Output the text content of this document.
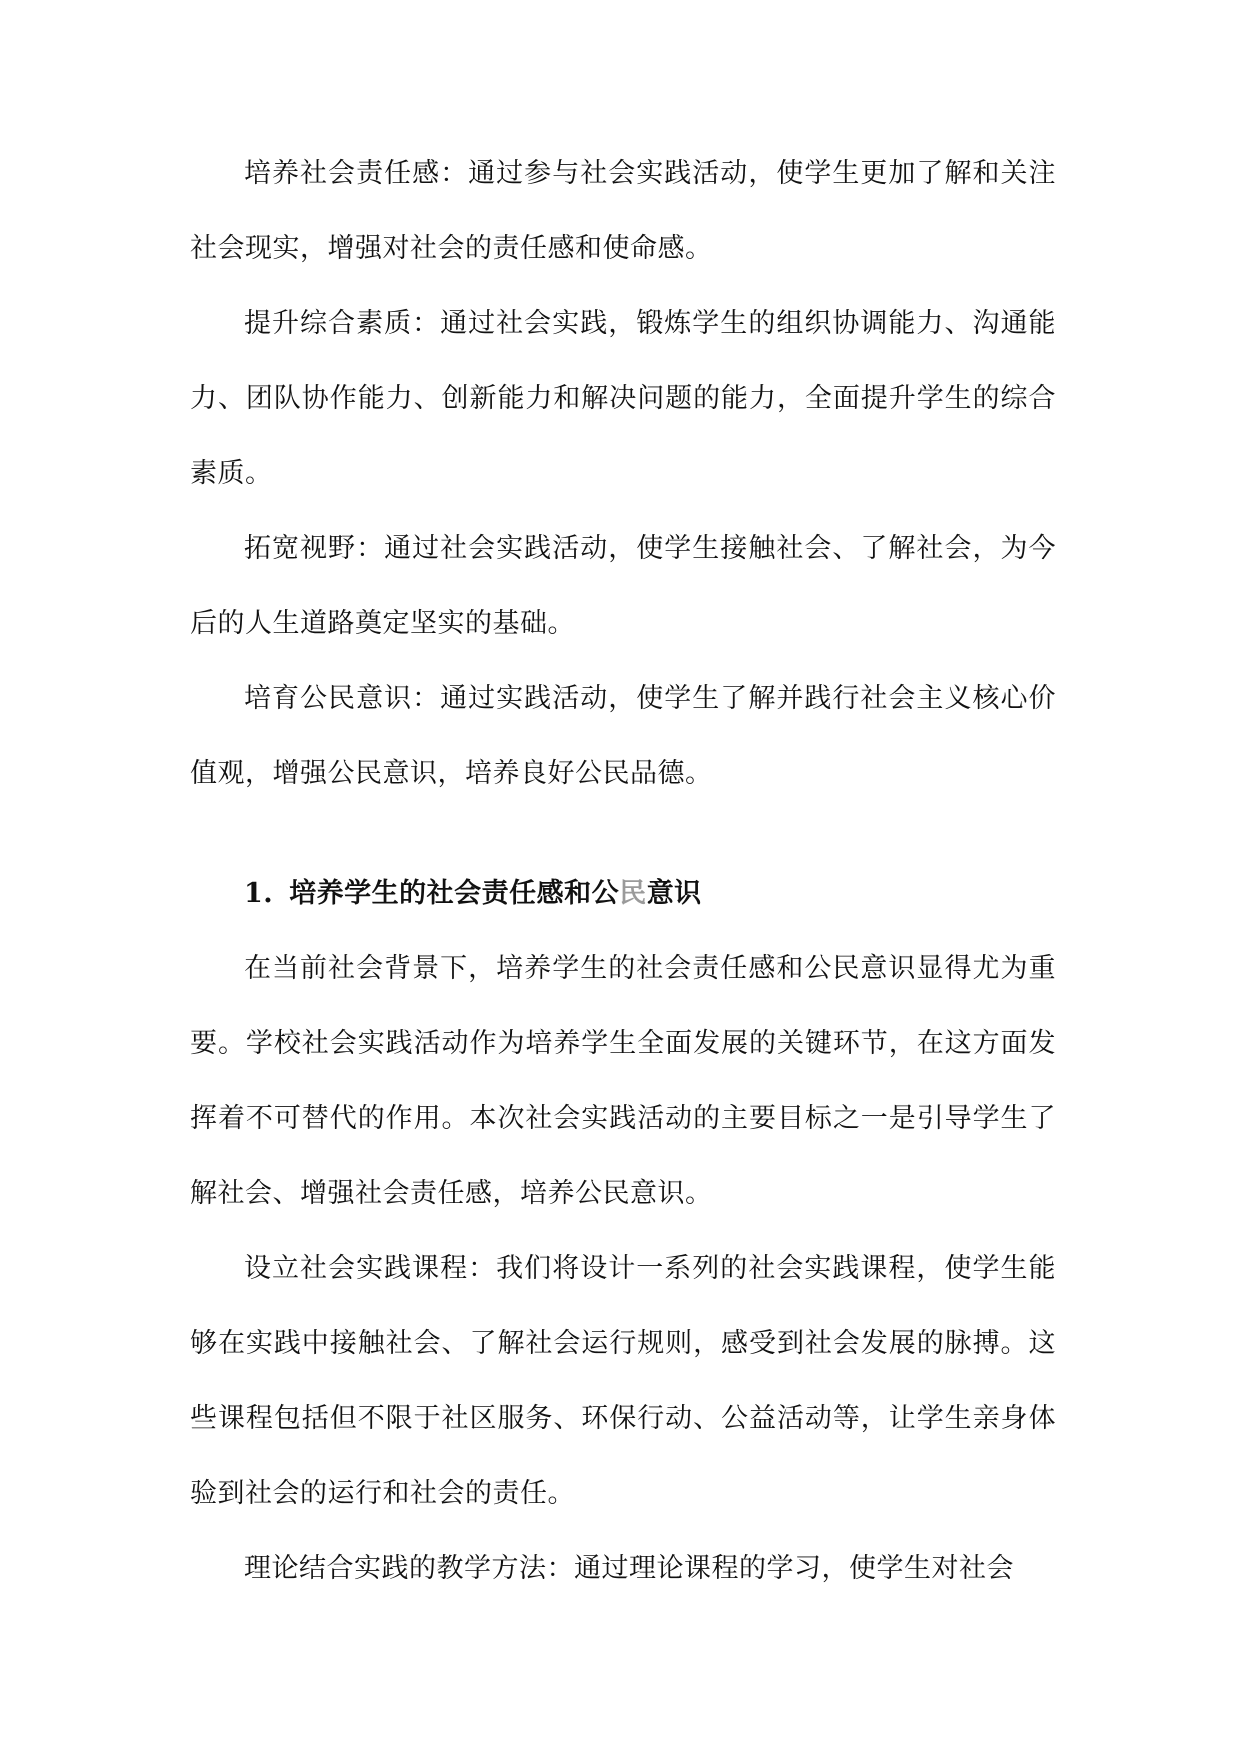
培养社会责任感：通过参与社会实践活动，使学生更加了解和关注社会现实，增强对社会的责任感和使命感。

提升综合素质：通过社会实践，锻炼学生的组织协调能力、沟通能力、团队协作能力、创新能力和解决问题的能力，全面提升学生的综合素质。

拓宽视野：通过社会实践活动，使学生接触社会、了解社会，为今后的人生道路奠定坚实的基础。

培育公民意识：通过实践活动，使学生了解并践行社会主义核心价值观，增强公民意识，培养良好公民品德。

1. 培养学生的社会责任感和公民意识

在当前社会背景下，培养学生的社会责任感和公民意识显得尤为重要。学校社会实践活动作为培养学生全面发展的关键环节，在这方面发挥着不可替代的作用。本次社会实践活动的主要目标之一是引导学生了解社会、增强社会责任感，培养公民意识。

设立社会实践课程：我们将设计一系列的社会实践课程，使学生能够在实践中接触社会、了解社会运行规则，感受到社会发展的脉搏。这些课程包括但不限于社区服务、环保行动、公益活动等，让学生亲身体验到社会的运行和社会的责任。

理论结合实践的教学方法：通过理论课程的学习，使学生对社会
